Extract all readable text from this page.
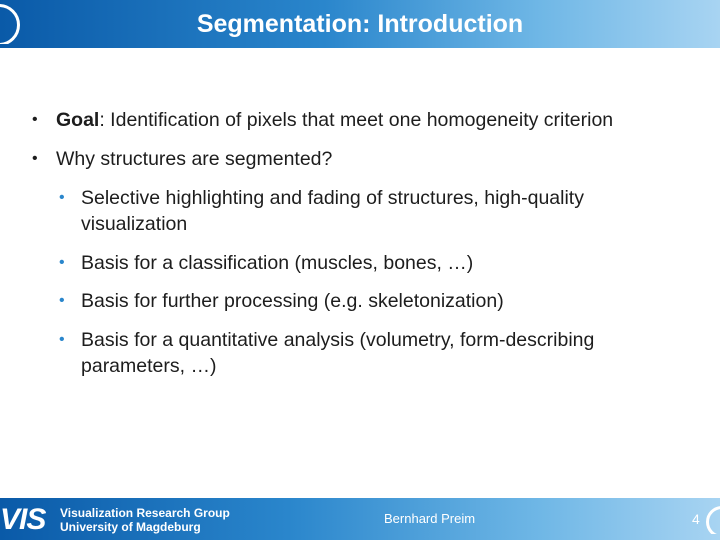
Segmentation: Introduction
• Goal: Identification of pixels that meet one homogeneity criterion
• Why structures are segmented?
• Selective highlighting and fading of structures, high-quality visualization
• Basis for a classification (muscles, bones, …)
• Basis for further processing (e.g. skeletonization)
• Basis for a quantitative analysis (volumetry, form-describing parameters, …)
VIS	Visualization Research Group
University of Magdeburg
Bernhard Preim	4
